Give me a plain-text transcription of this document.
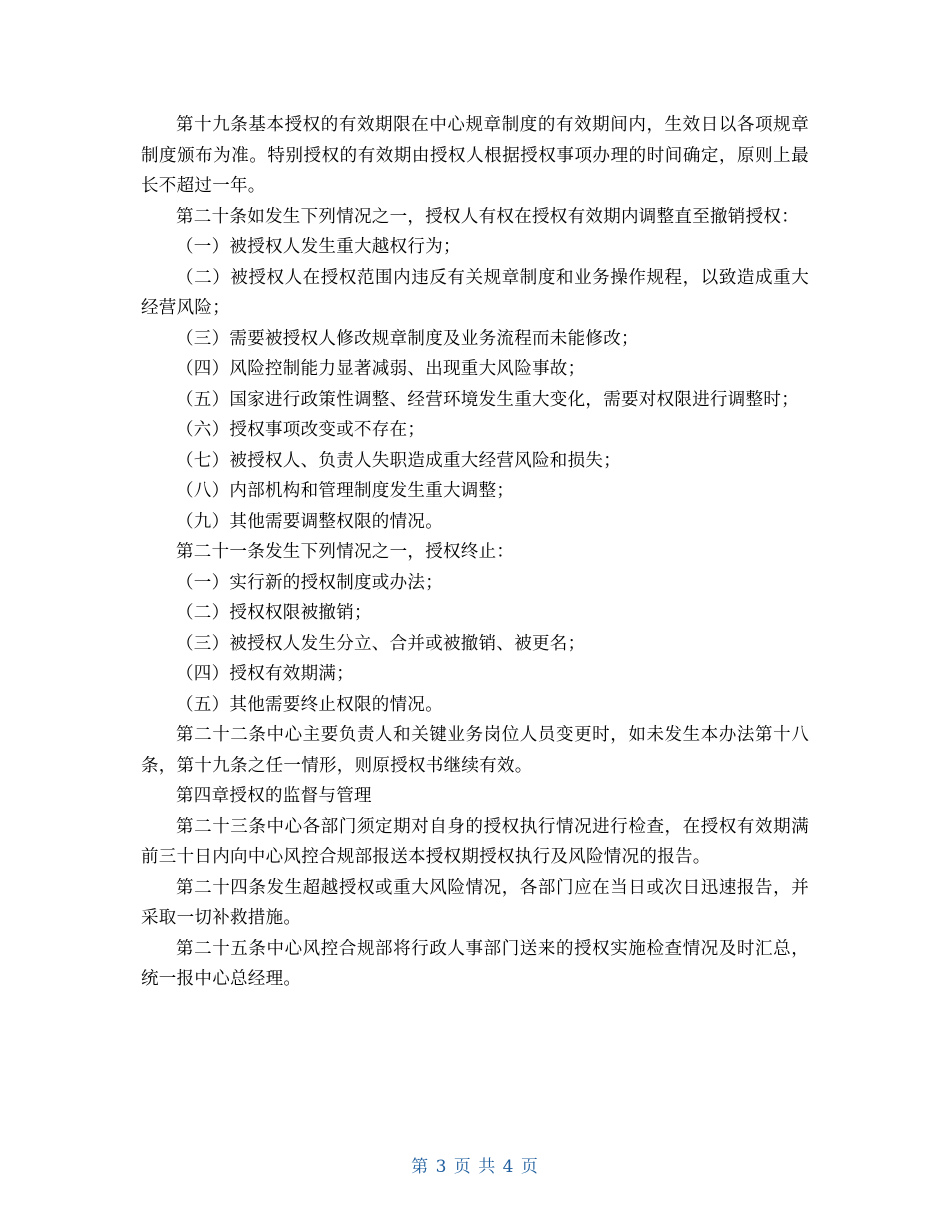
第十九条基本授权的有效期限在中心规章制度的有效期间内，生效日以各项规章制度颁布为准。特别授权的有效期由授权人根据授权事项办理的时间确定，原则上最长不超过一年。

第二十条如发生下列情况之一，授权人有权在授权有效期内调整直至撤销授权：

（一）被授权人发生重大越权行为；

（二）被授权人在授权范围内违反有关规章制度和业务操作规程，以致造成重大经营风险；

（三）需要被授权人修改规章制度及业务流程而未能修改；

（四）风险控制能力显著减弱、出现重大风险事故；

（五）国家进行政策性调整、经营环境发生重大变化，需要对权限进行调整时；

（六）授权事项改变或不存在；

（七）被授权人、负责人失职造成重大经营风险和损失；

（八）内部机构和管理制度发生重大调整；

（九）其他需要调整权限的情况。

第二十一条发生下列情况之一，授权终止：

（一）实行新的授权制度或办法；

（二）授权权限被撤销；

（三）被授权人发生分立、合并或被撤销、被更名；

（四）授权有效期满；

（五）其他需要终止权限的情况。

第二十二条中心主要负责人和关键业务岗位人员变更时，如未发生本办法第十八条，第十九条之任一情形，则原授权书继续有效。

第四章授权的监督与管理

第二十三条中心各部门须定期对自身的授权执行情况进行检查，在授权有效期满前三十日内向中心风控合规部报送本授权期授权执行及风险情况的报告。

第二十四条发生超越授权或重大风险情况，各部门应在当日或次日迅速报告，并采取一切补救措施。

第二十五条中心风控合规部将行政人事部门送来的授权实施检查情况及时汇总，统一报中心总经理。

第 3 页 共 4 页
